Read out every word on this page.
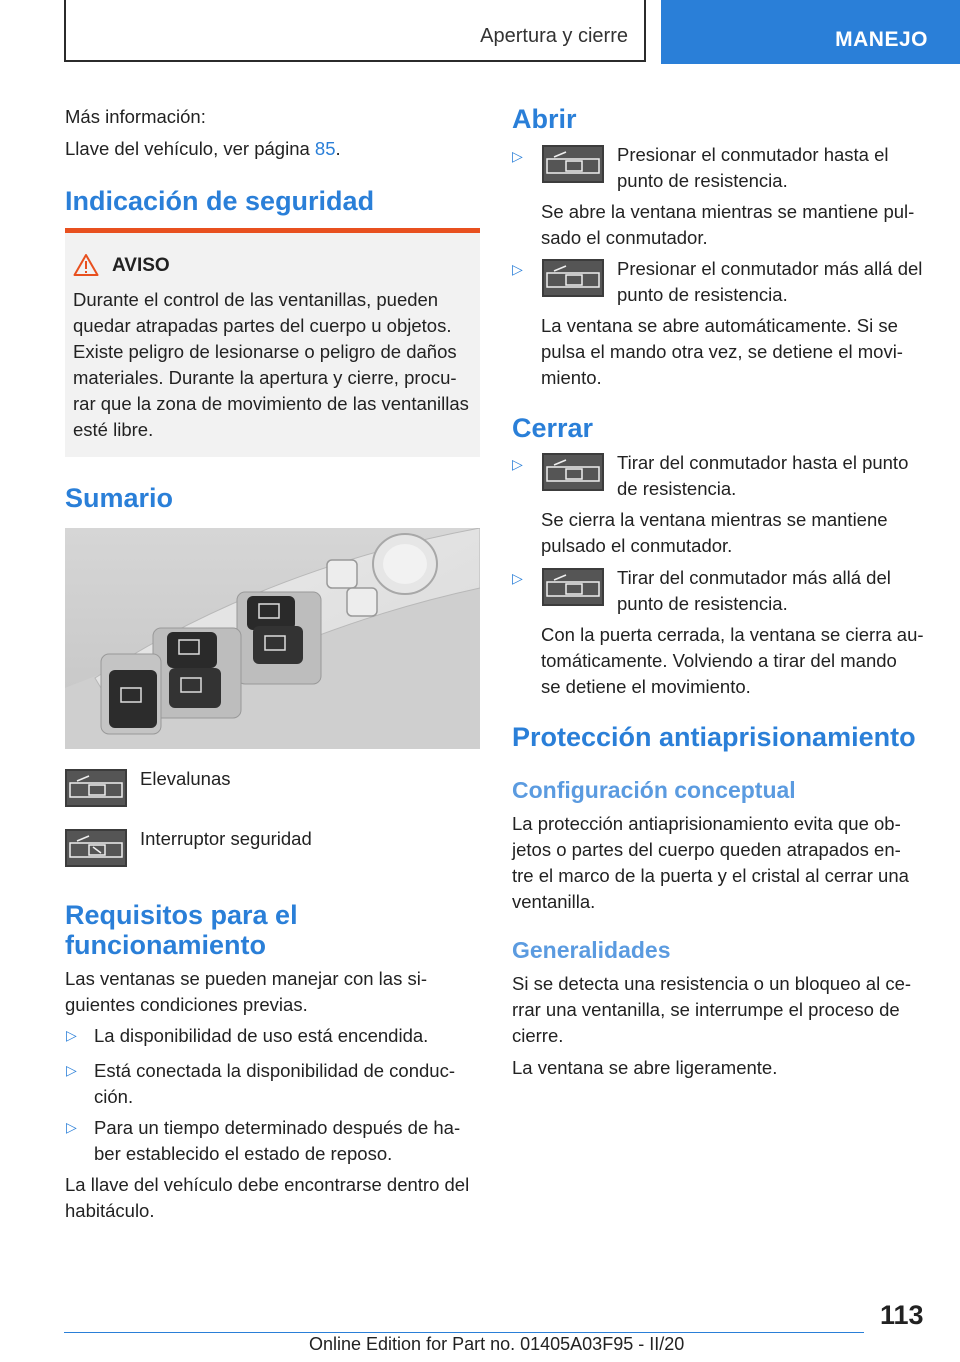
Apertura y cierre	MANEJO

Más información:

Llave del vehículo, ver página 85.

Indicación de seguridad
AVISO

Durante el control de las ventanillas, pueden

quedar atrapadas partes del cuerpo u objetos.

Existe peligro de lesionarse o peligro de daños

materiales. Durante la apertura y cierre, procu-

rar que la zona de movimiento de las ventanillas

esté libre.

Sumario

Elevalunas

Interruptor seguridad

Requisitos para el
funcionamiento

Las ventanas se pueden manejar con las si-

guientes condiciones previas.

▷ La disponibilidad de uso está encendida.

▷ Está conectada la disponibilidad de conduc-

ción.

▷ Para un tiempo determinado después de ha-

ber establecido el estado de reposo.

La llave del vehículo debe encontrarse dentro del

habitáculo.

Abrir
▷	Presionar el conmutador hasta el

punto de resistencia.

Se abre la ventana mientras se mantiene pul-

sado el conmutador.

▷	Presionar el conmutador más allá del

punto de resistencia.

La ventana se abre automáticamente. Si se

pulsa el mando otra vez, se detiene el movi-

miento.

Cerrar
▷	Tirar del conmutador hasta el punto

de resistencia.

Se cierra la ventana mientras se mantiene

pulsado el conmutador.

▷	Tirar del conmutador más allá del

punto de resistencia.

Con la puerta cerrada, la ventana se cierra au-

tomáticamente. Volviendo a tirar del mando

se detiene el movimiento.

Protección antiaprisionamiento
Configuración conceptual

La protección antiaprisionamiento evita que ob-

jetos o partes del cuerpo queden atrapados en-

tre el marco de la puerta y el cristal al cerrar una

ventanilla.

Generalidades

Si se detecta una resistencia o un bloqueo al ce-

rrar una ventanilla, se interrumpe el proceso de

cierre.

La ventana se abre ligeramente.

113
Online Edition for Part no. 01405A03F95 - II/20
